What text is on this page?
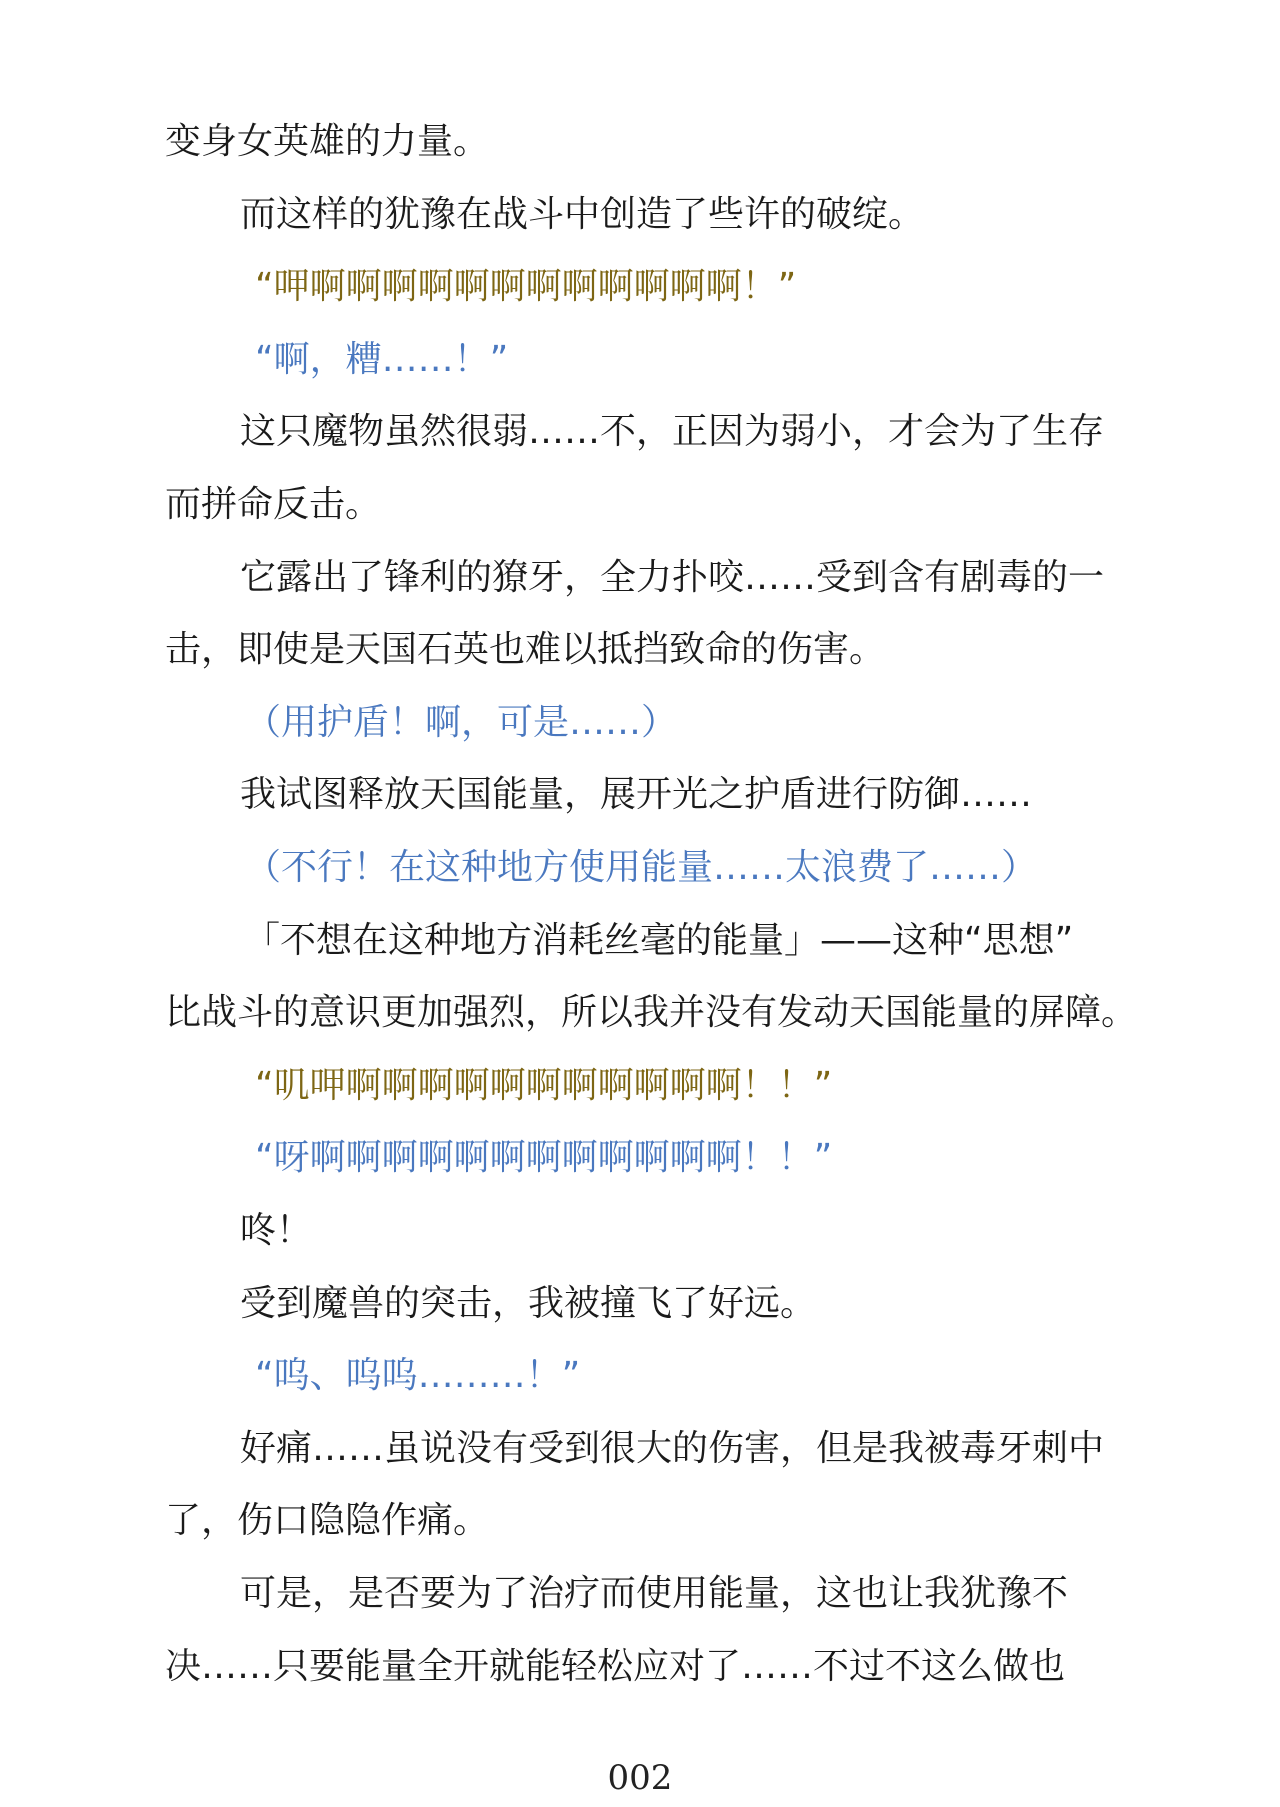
变身女英雄的力量。
而这样的犹豫在战斗中创造了些许的破绽。
“呷啊啊啊啊啊啊啊啊啊啊啊啊！”
“啊，糟……！”
这只魔物虽然很弱……不，正因为弱小，才会为了生存
而拼命反击。
它露出了锋利的獠牙，全力扑咬……受到含有剧毒的一
击，即使是天国石英也难以抵挡致命的伤害。
（用护盾！啊，可是……）
我试图释放天国能量，展开光之护盾进行防御……
（不行！在这种地方使用能量……太浪费了……）
「不想在这种地方消耗丝毫的能量」——这种“思想”
比战斗的意识更加强烈，所以我并没有发动天国能量的屏障。
“叽呷啊啊啊啊啊啊啊啊啊啊啊！！”
“呀啊啊啊啊啊啊啊啊啊啊啊啊！！”
咚！
受到魔兽的突击，我被撞飞了好远。
“呜、呜呜………！”
好痛……虽说没有受到很大的伤害，但是我被毒牙刺中
了，伤口隐隐作痛。
可是，是否要为了治疗而使用能量，这也让我犹豫不
决……只要能量全开就能轻松应对了……不过不这么做也
002
